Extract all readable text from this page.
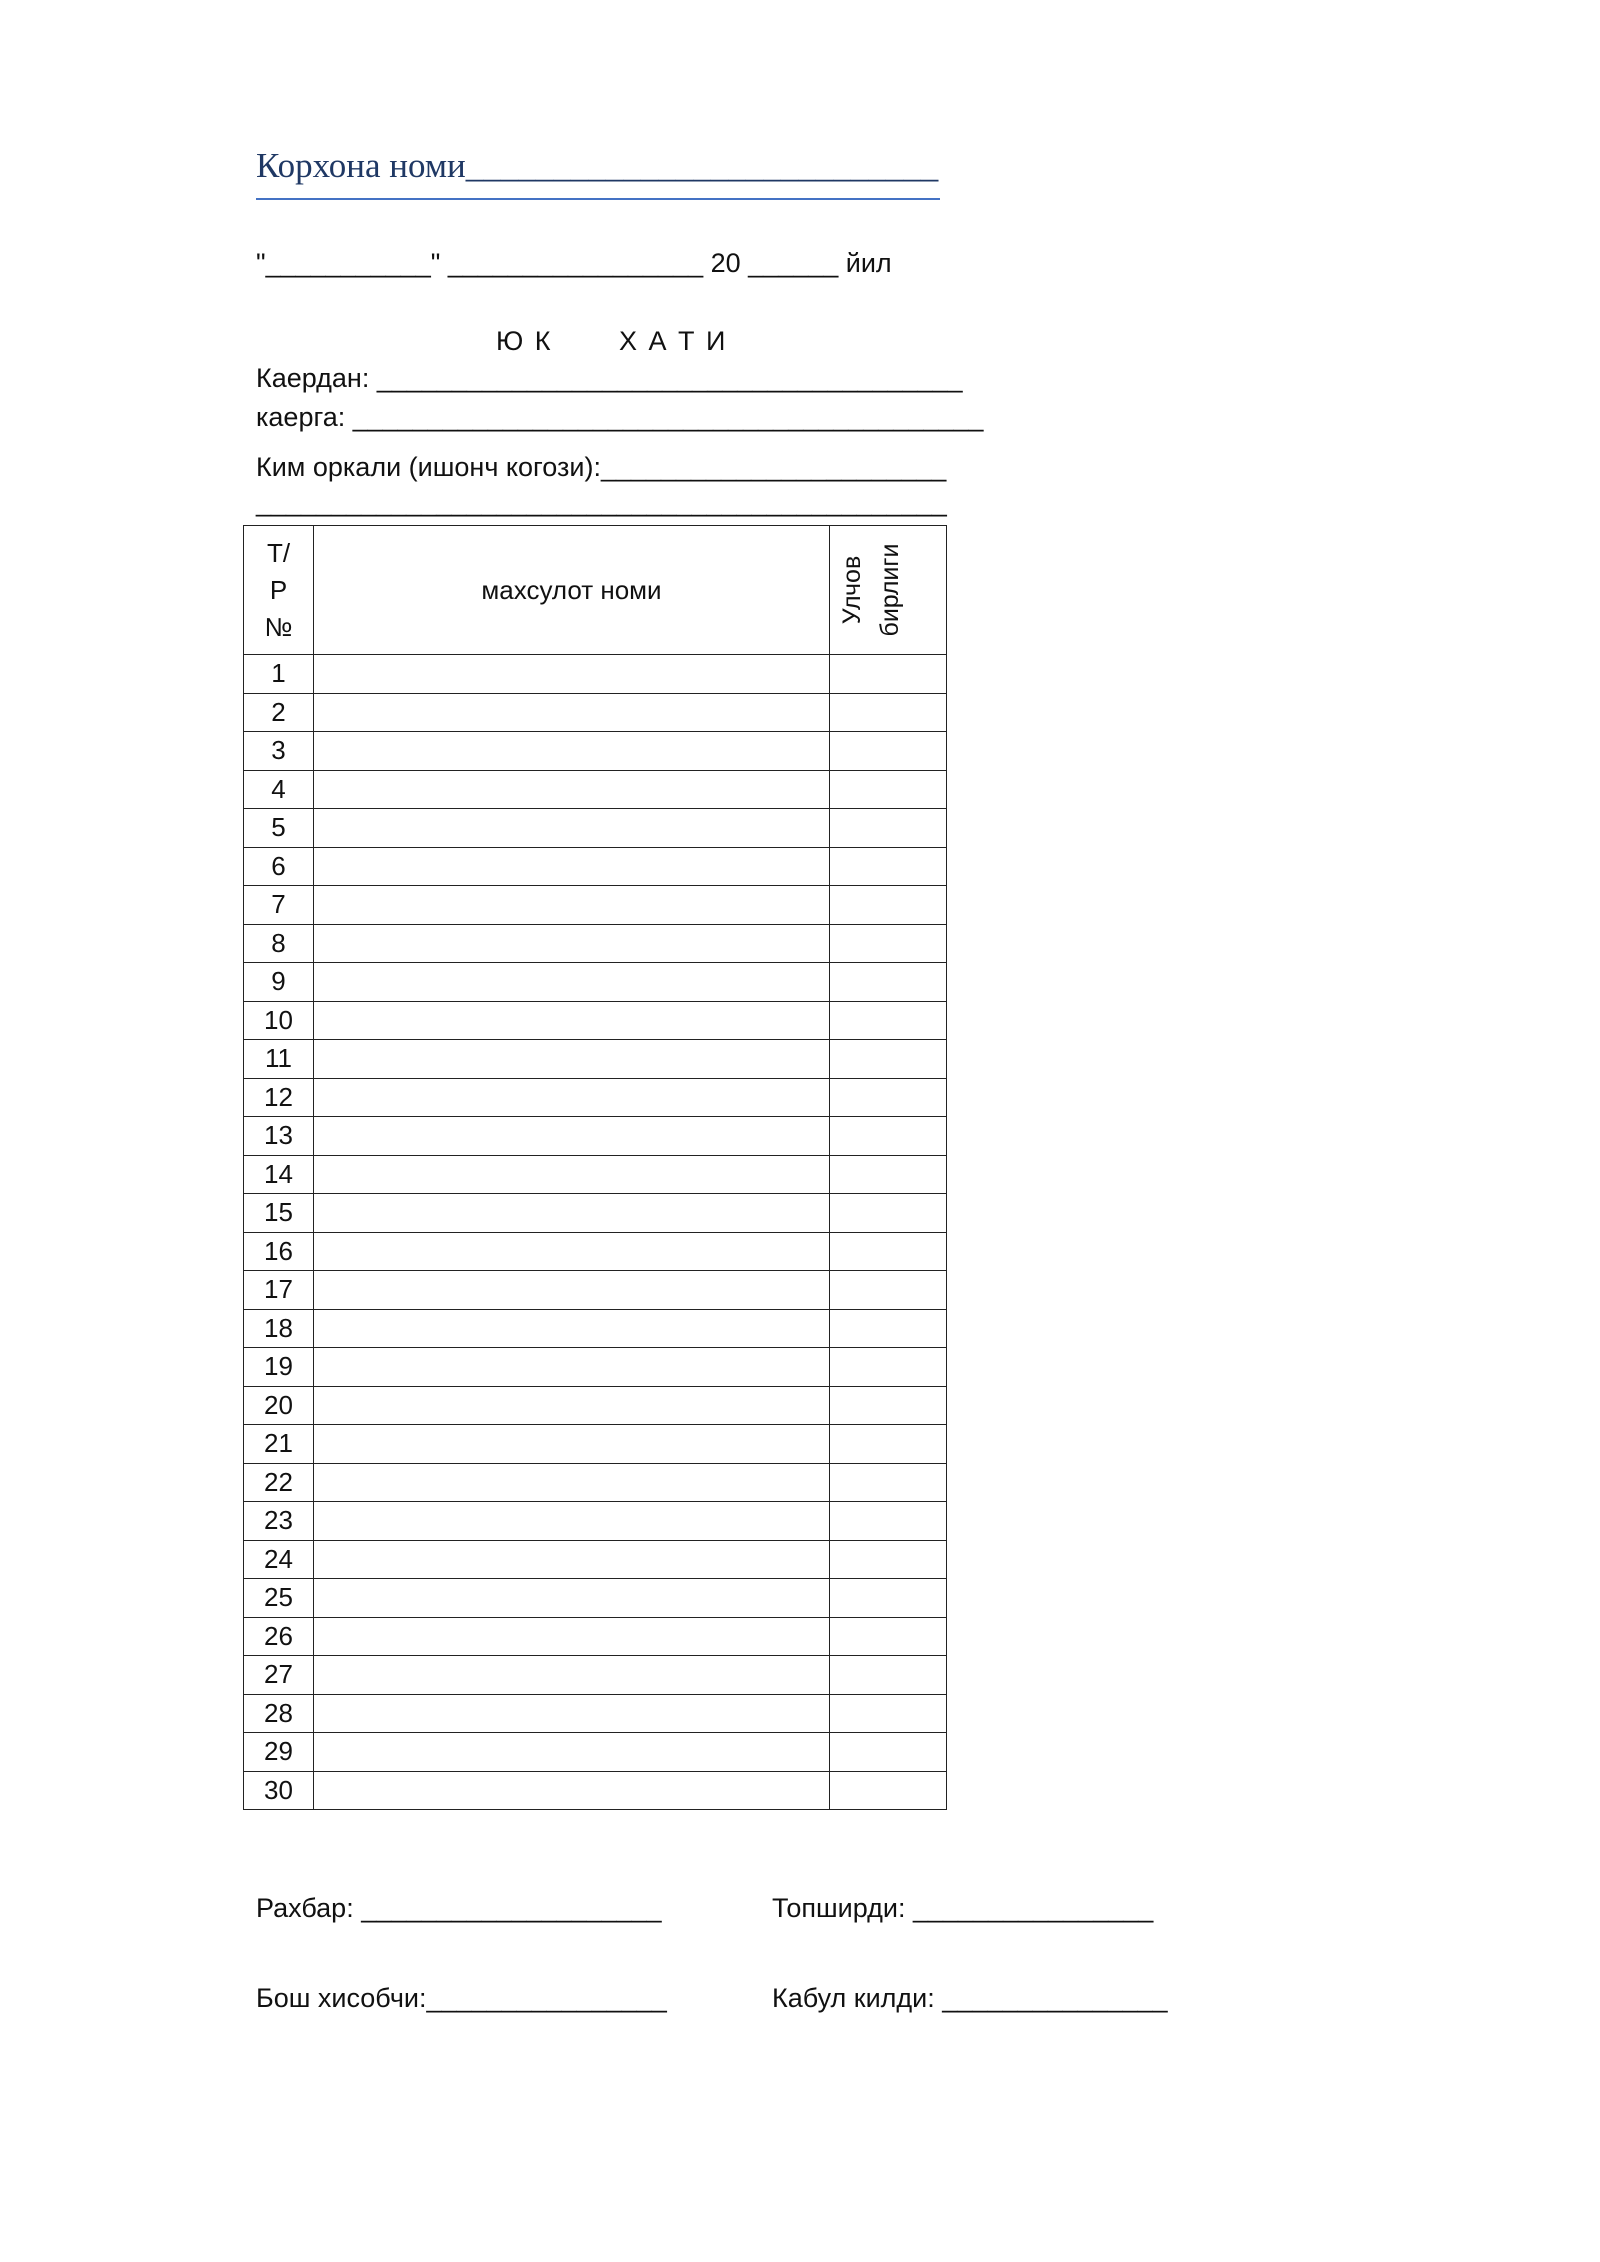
Корхона номи___________________________
"___________" _________________ 20 ______ йил
Ю К       Х А Т И
Каердан: _______________________________________
каерга: __________________________________________
Ким оркали (ишонч когози):_______________________
______________________________________________
Т/
Р
№	махсулот номи	Улчов бирлиги

1		
2		
3		
4		
5		
6		
7		
8		
9		
10		
11		
12		
13		
14		
15		
16		
17		
18		
19		
20		
21		
22		
23		
24		
25		
26		
27		
28		
29		
30		
Рахбар: ____________________	Топширди: ________________
Бош хисобчи:________________	Кабул килди: _______________
